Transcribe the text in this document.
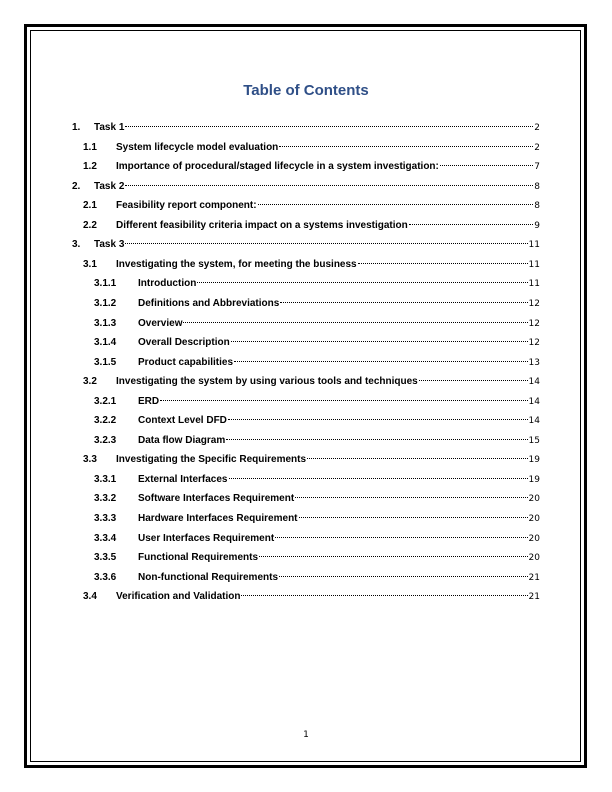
Table of Contents
1.	Task 1	2
1.1	System lifecycle model evaluation	2
1.2	Importance of procedural/staged lifecycle in a system investigation:	7
2.	Task 2	8
2.1	Feasibility report component:	8
2.2	Different feasibility criteria impact on a systems investigation	9
3.	Task 3	11
3.1	Investigating the system, for meeting the business	11
3.1.1	Introduction	11
3.1.2	Definitions and Abbreviations	12
3.1.3	Overview	12
3.1.4	Overall Description	12
3.1.5	Product capabilities	13
3.2	Investigating the system by using various tools and techniques	14
3.2.1	ERD	14
3.2.2	Context Level DFD	14
3.2.3	Data flow Diagram	15
3.3	Investigating the Specific Requirements	19
3.3.1	External Interfaces	19
3.3.2	Software Interfaces Requirement	20
3.3.3	Hardware Interfaces Requirement	20
3.3.4	User Interfaces Requirement	20
3.3.5	Functional Requirements	20
3.3.6	Non-functional Requirements	21
3.4	Verification and Validation	21
1
